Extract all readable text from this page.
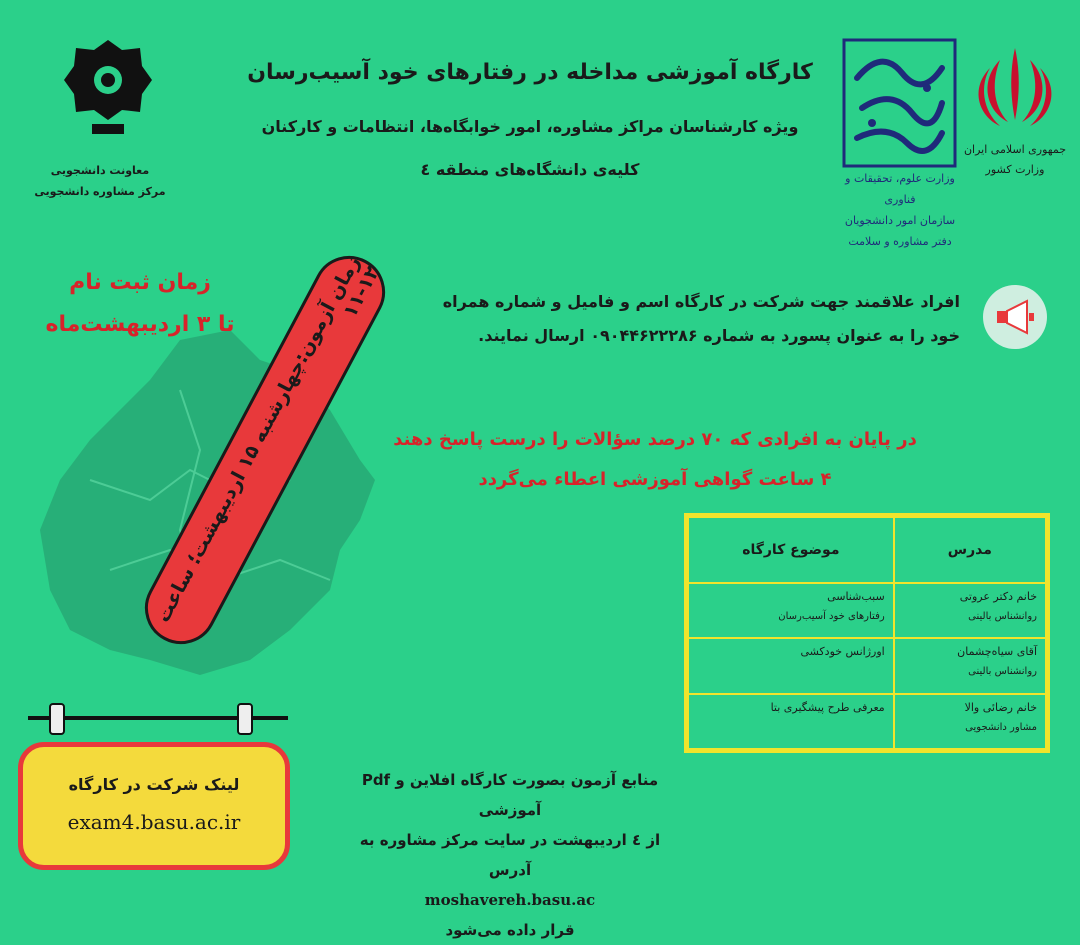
کارگاه آموزشی مداخله در رفتارهای خود آسیب‌رسان
ویژه کارشناسان مراکز مشاوره، امور خوابگاه‌ها، انتظامات و کارکنان
کلیه‌ی دانشگاه‌های منطقه ٤
جمهوری اسلامی ایران
وزارت کشور
وزارت علوم، تحقیقات و فناوری
سازمان امور دانشجویان
دفتر مشاوره و سلامت
معاونت دانشجویی
مرکز مشاوره دانشجویی
زمان ثبت نام
تا ٣ اردیبهشت‌ماه
زمان آزمون:چهارشنبه ١۵ اردیبهشت؛ ساعت ١٢-١١
افراد علاقمند جهت شرکت در کارگاه اسم و فامیل و شماره همراه
خود را به عنوان پسورد به شماره ٠٩٠۴۴۶٢٢٢٨۶ ارسال نمایند.
در پایان به افرادی که ٧٠ درصد سؤالات را درست پاسخ دهند
۴ ساعت گواهی آموزشی اعطاء می‌گردد
مدرس	موضوع کارگاه
خانم دکتر عروتی
روانشناس بالینی	سبب‌شناسی
رفتارهای خود آسیب‌رسان

آقای سیاه‌چشمان
روانشناس بالینی	اورژانس خودکشی
خانم رضائی والا
مشاور دانشجویی	معرفی طرح پیشگیری بتا
لینک شرکت در کارگاه
exam4.basu.ac.ir
منابع آزمون بصورت کارگاه افلاین و Pdf آموزشی
از ٤ اردیبهشت در سایت مرکز مشاوره به آدرس
moshavereh.basu.ac
قرار داده می‌شود
